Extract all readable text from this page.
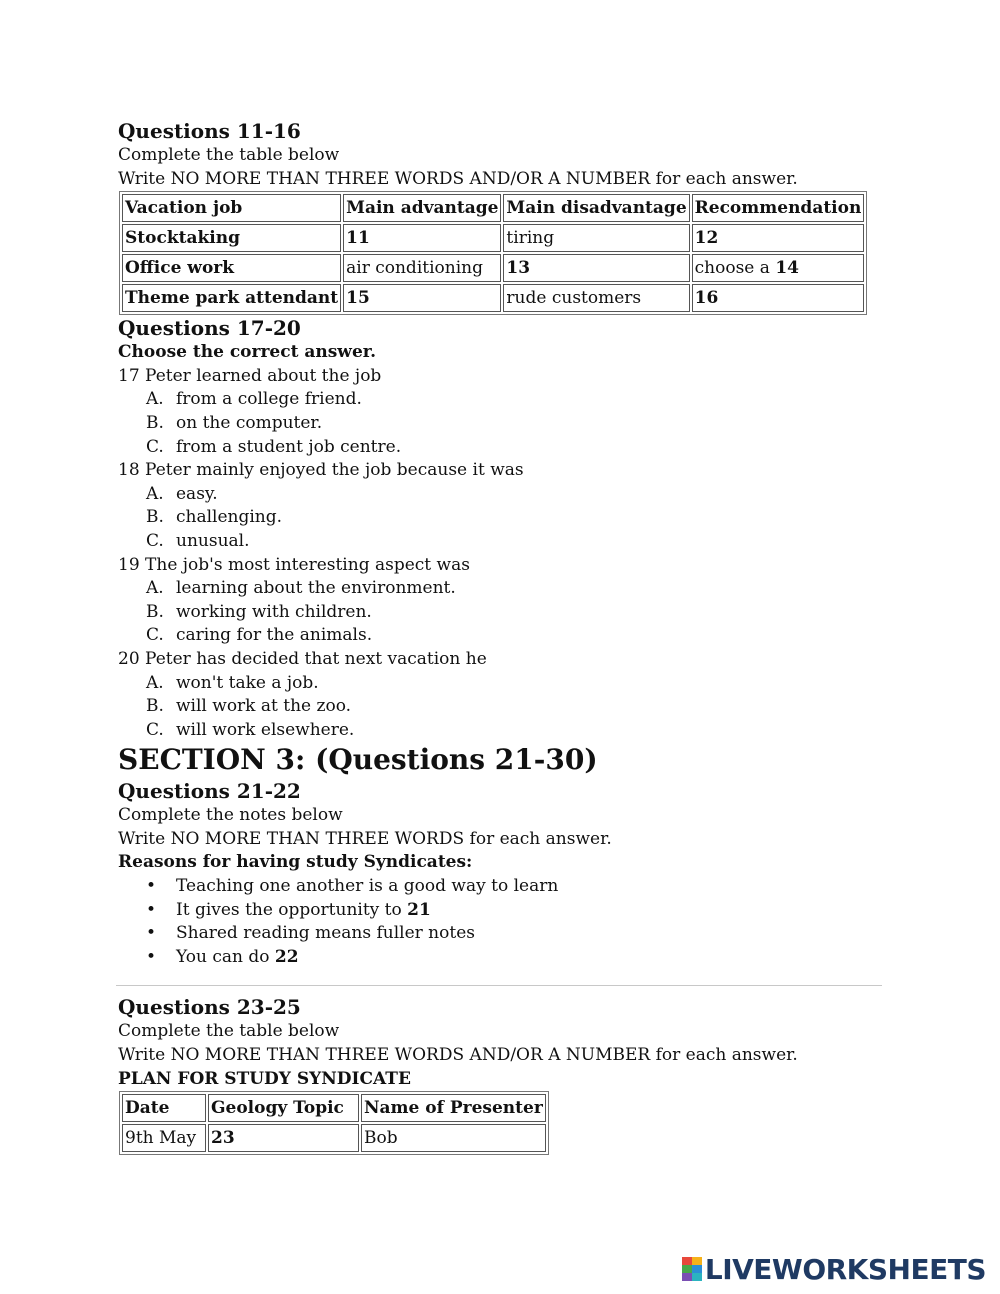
Questions 11-16

Complete the table below

Write NO MORE THAN THREE WORDS AND/OR A NUMBER for each answer.

Vacation job	Main advantage	Main disadvantage	Recommendation
Stocktaking	11	tiring	12
Office work	air conditioning	13	choose a 14
Theme park attendant	15	rude customers	16
Questions 17-20

Choose the correct answer.

17 Peter learned about the job

A. from a college friend.
B. on the computer.
C. from a student job centre.

18 Peter mainly enjoyed the job because it was

A. easy.
B. challenging.
C. unusual.

19 The job's most interesting aspect was

A. learning about the environment.
B. working with children.
C. caring for the animals.

20 Peter has decided that next vacation he

A. won't take a job.
B. will work at the zoo.
C. will work elsewhere.
SECTION 3: (Questions 21-30)
Questions 21-22

Complete the notes below

Write NO MORE THAN THREE WORDS for each answer.

Reasons for having study Syndicates:

• Teaching one another is a good way to learn
• It gives the opportunity to 21
• Shared reading means fuller notes
• You can do 22
Questions 23-25

Complete the table below

Write NO MORE THAN THREE WORDS AND/OR A NUMBER for each answer.

PLAN FOR STUDY SYNDICATE

Date	Geology Topic	Name of Presenter
9th May	23	Bob
LIVEWORKSHEETS
